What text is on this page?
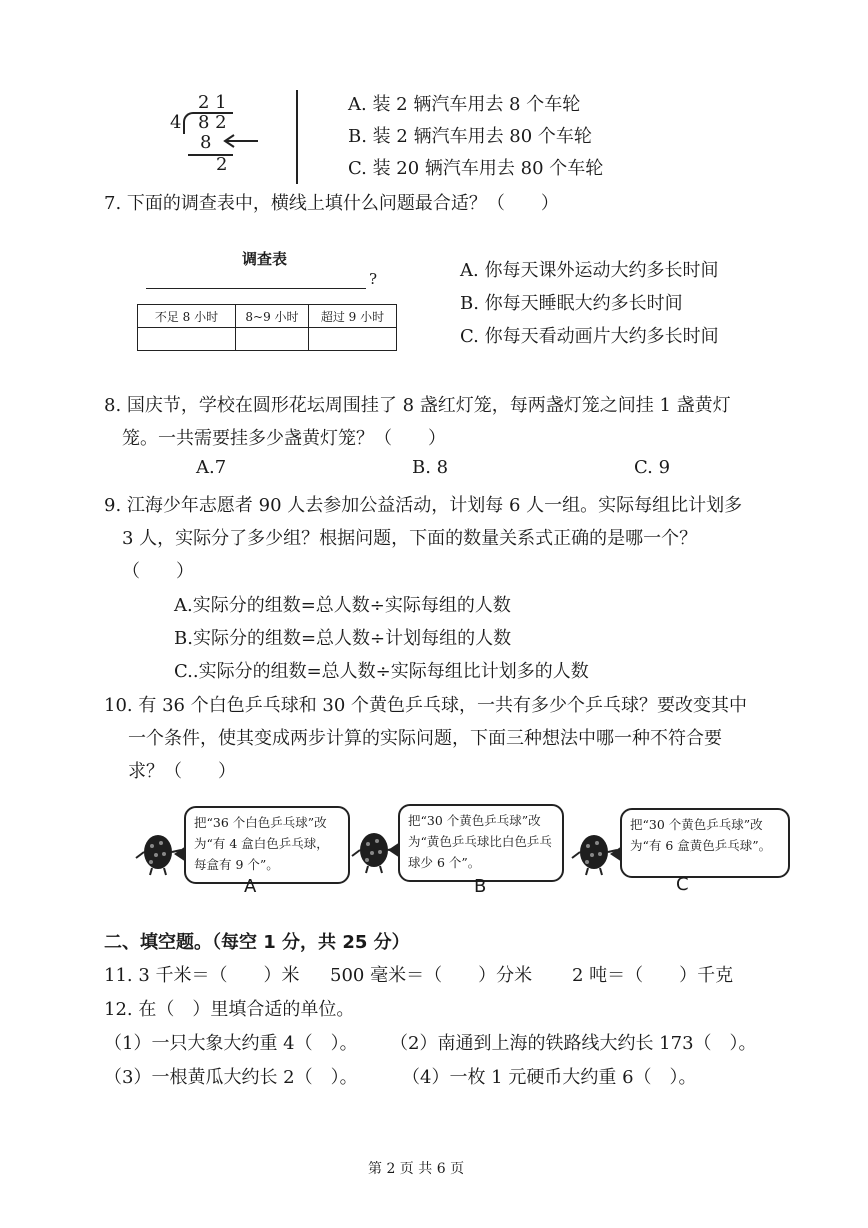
2 1
4 8 2
8
2
A. 装 2 辆汽车用去 8 个车轮
B. 装 2 辆汽车用去 80 个车轮
C. 装 20 辆汽车用去 80 个车轮
7. 下面的调查表中，横线上填什么问题最合适？（　　）
调查表
?
不足 8 小时	8~9 小时	超过 9 小时

A. 你每天课外运动大约多长时间
B. 你每天睡眠大约多长时间
C. 你每天看动画片大约多长时间
8. 国庆节，学校在圆形花坛周围挂了 8 盏红灯笼，每两盏灯笼之间挂 1 盏黄灯
笼。一共需要挂多少盏黄灯笼？（　　）
A.7	B. 8	C. 9
9. 江海少年志愿者 90 人去参加公益活动，计划每 6 人一组。实际每组比计划多
3 人，实际分了多少组？根据问题，下面的数量关系式正确的是哪一个？
（　　）
A.实际分的组数=总人数÷实际每组的人数
B.实际分的组数=总人数÷计划每组的人数
C..实际分的组数=总人数÷实际每组比计划多的人数
10. 有 36 个白色乒乓球和 30 个黄色乒乓球，一共有多少个乒乓球？要改变其中
一个条件，使其变成两步计算的实际问题，下面三种想法中哪一种不符合要
求？（　　）
把“36 个白色乒乓球”改为“有 4 盒白色乒乓球，每盒有 9 个”。
A
把“30 个黄色乒乓球”改为“黄色乒乓球比白色乒乓球少 6 个”。
B
把“30 个黄色乒乓球”改为“有 6 盒黄色乒乓球”。
C
二、填空题。（每空 1 分，共 25 分）
11. 3 千米＝（　　）米 500 毫米＝（　　）分米 2 吨＝（　　）千克
12. 在（　）里填合适的单位。
（1）一只大象大约重 4（　）。 （2）南通到上海的铁路线大约长 173（　）。
（3）一根黄瓜大约长 2（　）。 （4）一枚 1 元硬币大约重 6（　）。
第 2 页 共 6 页
